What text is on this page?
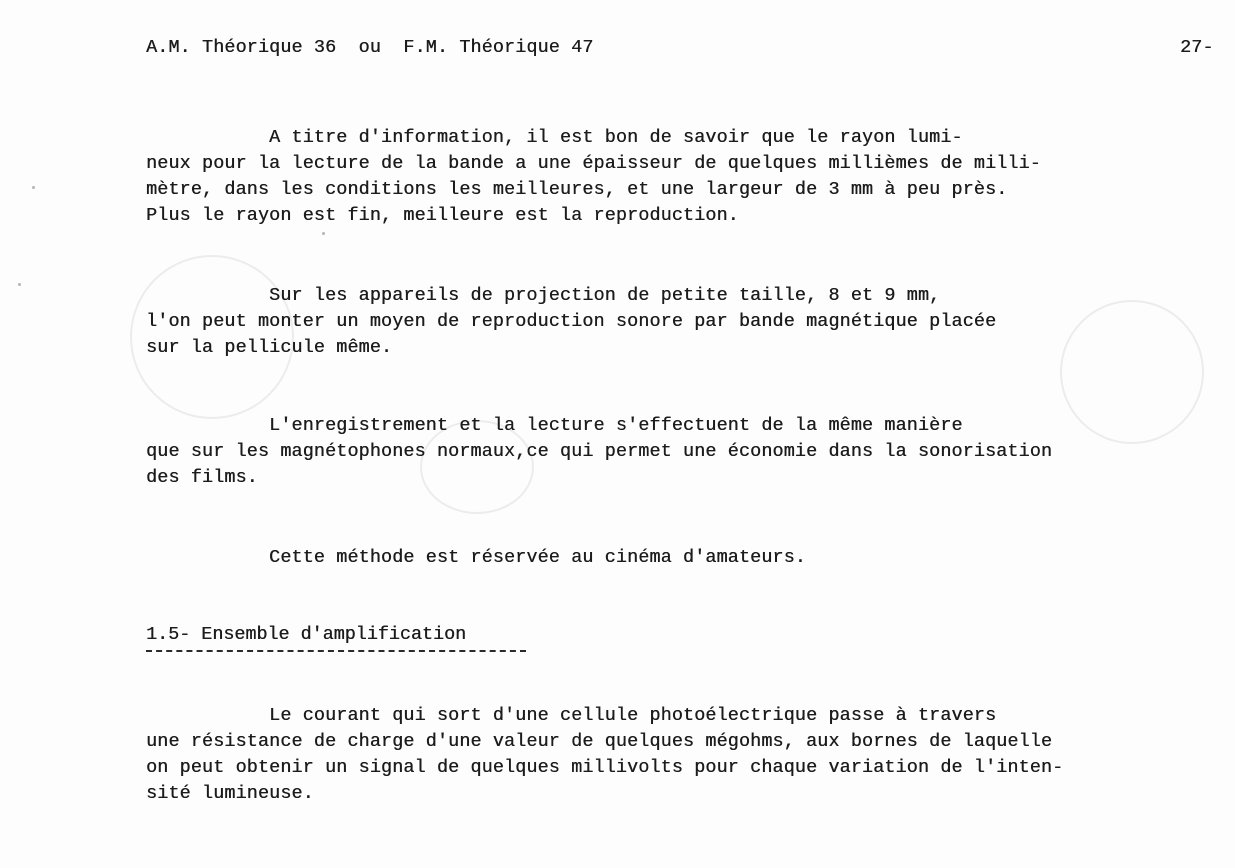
A.M. Théorique 36  ou  F.M. Théorique 47	27-
A titre d'information, il est bon de savoir que le rayon lumi-
neux pour la lecture de la bande a une épaisseur de quelques millièmes de milli-
mètre, dans les conditions les meilleures, et une largeur de 3 mm à peu près.
Plus le rayon est fin, meilleure est la reproduction.
Sur les appareils de projection de petite taille, 8 et 9 mm,
l'on peut monter un moyen de reproduction sonore par bande magnétique placée
sur la pellicule même.
L'enregistrement et la lecture s'effectuent de la même manière
que sur les magnétophones normaux,ce qui permet une économie dans la sonorisation
des films.
Cette méthode est réservée au cinéma d'amateurs.
1.5- Ensemble d'amplification
Le courant qui sort d'une cellule photoélectrique passe à travers
une résistance de charge d'une valeur de quelques mégohms, aux bornes de laquelle
on peut obtenir un signal de quelques millivolts pour chaque variation de l'inten-
sité lumineuse.
